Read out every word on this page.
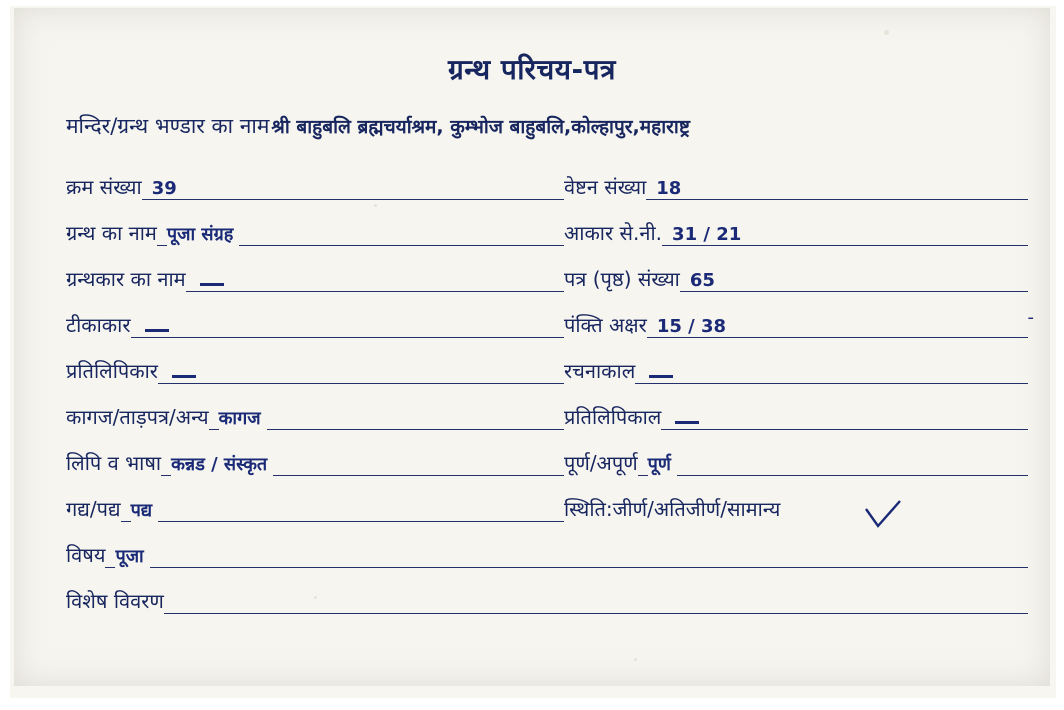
ग्रन्थ परिचय-पत्र
मन्दिर/ग्रन्थ भण्डार का नाम श्री बाहुबलि ब्रह्मचर्याश्रम, कुम्भोज बाहुबलि,कोल्हापुर,महाराष्ट्र
क्रम संख्या 39	वेष्टन संख्या 18
ग्रन्थ का नाम पूजा संग्रह	आकार से.नी. 31 / 21
ग्रन्थकार का नाम	पत्र (पृष्ठ) संख्या 65
टीकाकार	पंक्ति अक्षर 15 / 38	-
प्रतिलिपिकार	रचनाकाल
कागज/ताड़पत्र/अन्य कागज	प्रतिलिपिकाल
लिपि व भाषा कन्नड / संस्कृत	पूर्ण/अपूर्ण पूर्ण
गद्य/पद्य पद्य	स्थिति:जीर्ण/अतिजीर्ण/सामान्य
विषय पूजा
विशेष विवरण
